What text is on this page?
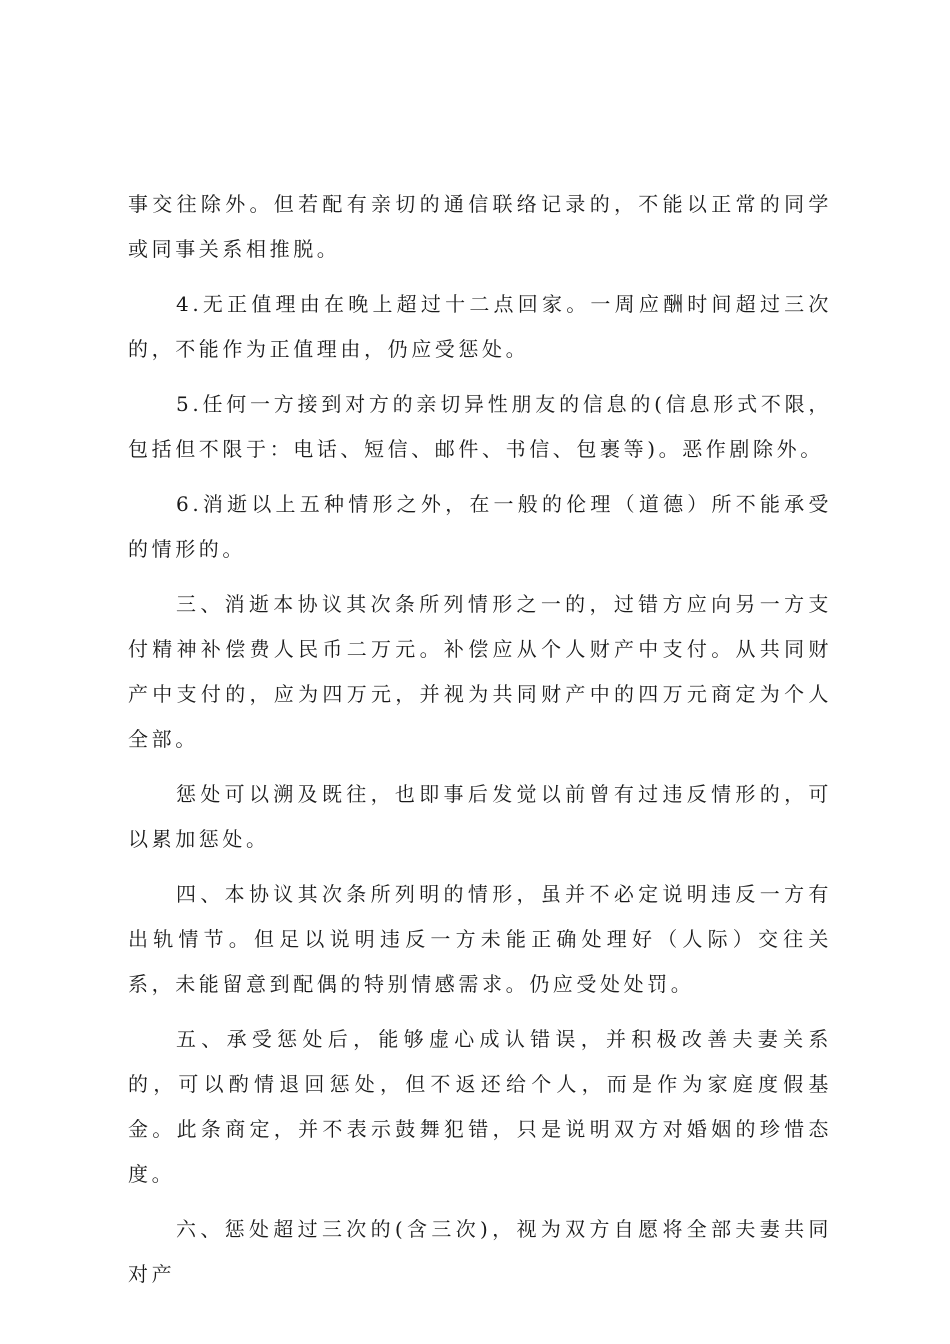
事交往除外。但若配有亲切的通信联络记录的，不能以正常的同学或同事关系相推脱。

4.无正值理由在晚上超过十二点回家。一周应酬时间超过三次的，不能作为正值理由，仍应受惩处。

5.任何一方接到对方的亲切异性朋友的信息的(信息形式不限，包括但不限于：电话、短信、邮件、书信、包裹等)。恶作剧除外。

6.消逝以上五种情形之外，在一般的伦理（道德）所不能承受的情形的。

三、消逝本协议其次条所列情形之一的，过错方应向另一方支付精神补偿费人民币二万元。补偿应从个人财产中支付。从共同财产中支付的，应为四万元，并视为共同财产中的四万元商定为个人全部。

惩处可以溯及既往，也即事后发觉以前曾有过违反情形的，可以累加惩处。

四、本协议其次条所列明的情形，虽并不必定说明违反一方有出轨情节。但足以说明违反一方未能正确处理好（人际）交往关系，未能留意到配偶的特别情感需求。仍应受处处罚。

五、承受惩处后，能够虚心成认错误，并积极改善夫妻关系的，可以酌情退回惩处，但不返还给个人，而是作为家庭度假基金。此条商定，并不表示鼓舞犯错，只是说明双方对婚姻的珍惜态度。

六、惩处超过三次的(含三次)，视为双方自愿将全部夫妻共同对产
